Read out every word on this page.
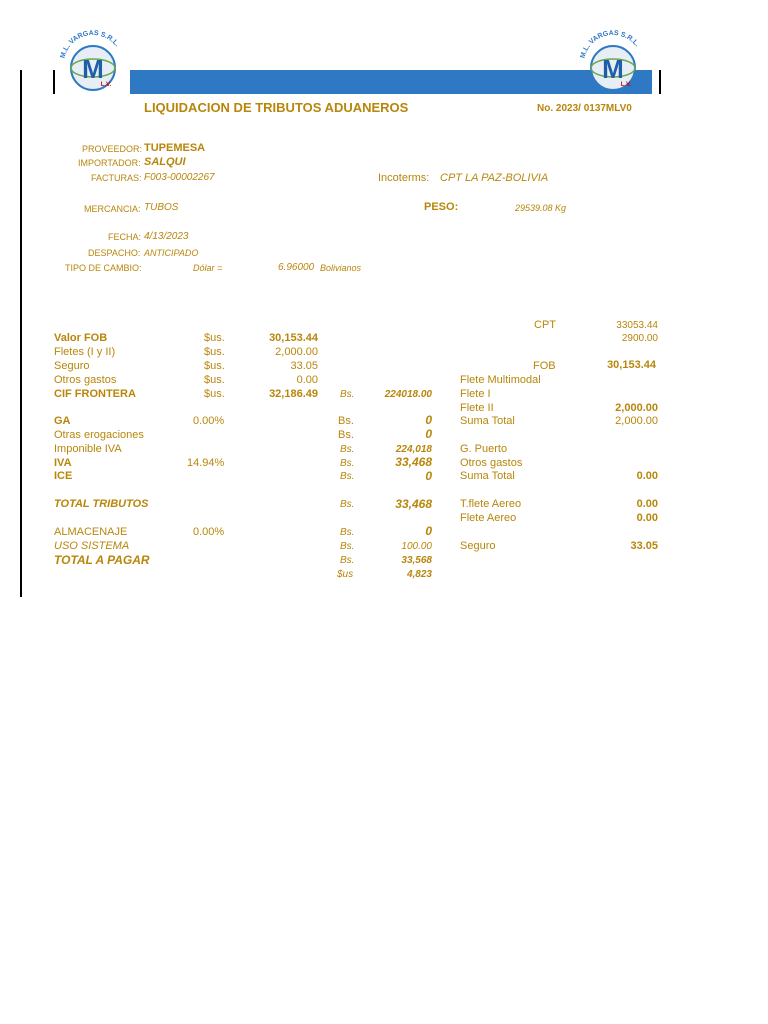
M.L. VARGAS S.R.L.
M
L.V.
M.L. VARGAS S.R.L.
M
L.V.
LIQUIDACION DE TRIBUTOS ADUANEROS	No. 2023/ 0137MLV0
PROVEEDOR: TUPEMESA
IMPORTADOR: SALQUI
FACTURAS: F003-00002267	Incoterms: CPT LA PAZ-BOLIVIA
MERCANCIA: TUBOS	PESO:	29539.08 Kg
FECHA: 4/13/2023
DESPACHO: ANTICIPADO
TIPO DE CAMBIO:	Dólar =	6.96000 Bolivianos
Valor FOB	$us.	30,153.44
Fletes (I y II)	$us.	2,000.00
Seguro	$us.	33.05
Otros gastos	$us.	0.00
CIF FRONTERA	$us.	32,186.49 Bs.	224018.00
GA	0.00%	Bs.	0
Otras erogaciones	Bs.	0
Imponible IVA	Bs.	224,018
IVA	14.94%	Bs.	33,468
ICE	Bs.	0
TOTAL TRIBUTOS	Bs.	33,468
ALMACENAJE	0.00%	Bs.	0
USO SISTEMA	Bs.	100.00
TOTAL A PAGAR	Bs.	33,568
$us	4,823
CPT	33053.44
2900.00
FOB	30,153.44
Flete Multimodal
Flete I
Flete II	2,000.00
Suma Total	2,000.00
G. Puerto
Otros gastos
Suma Total	0.00
T.flete Aereo	0.00
Flete Aereo	0.00
Seguro	33.05
